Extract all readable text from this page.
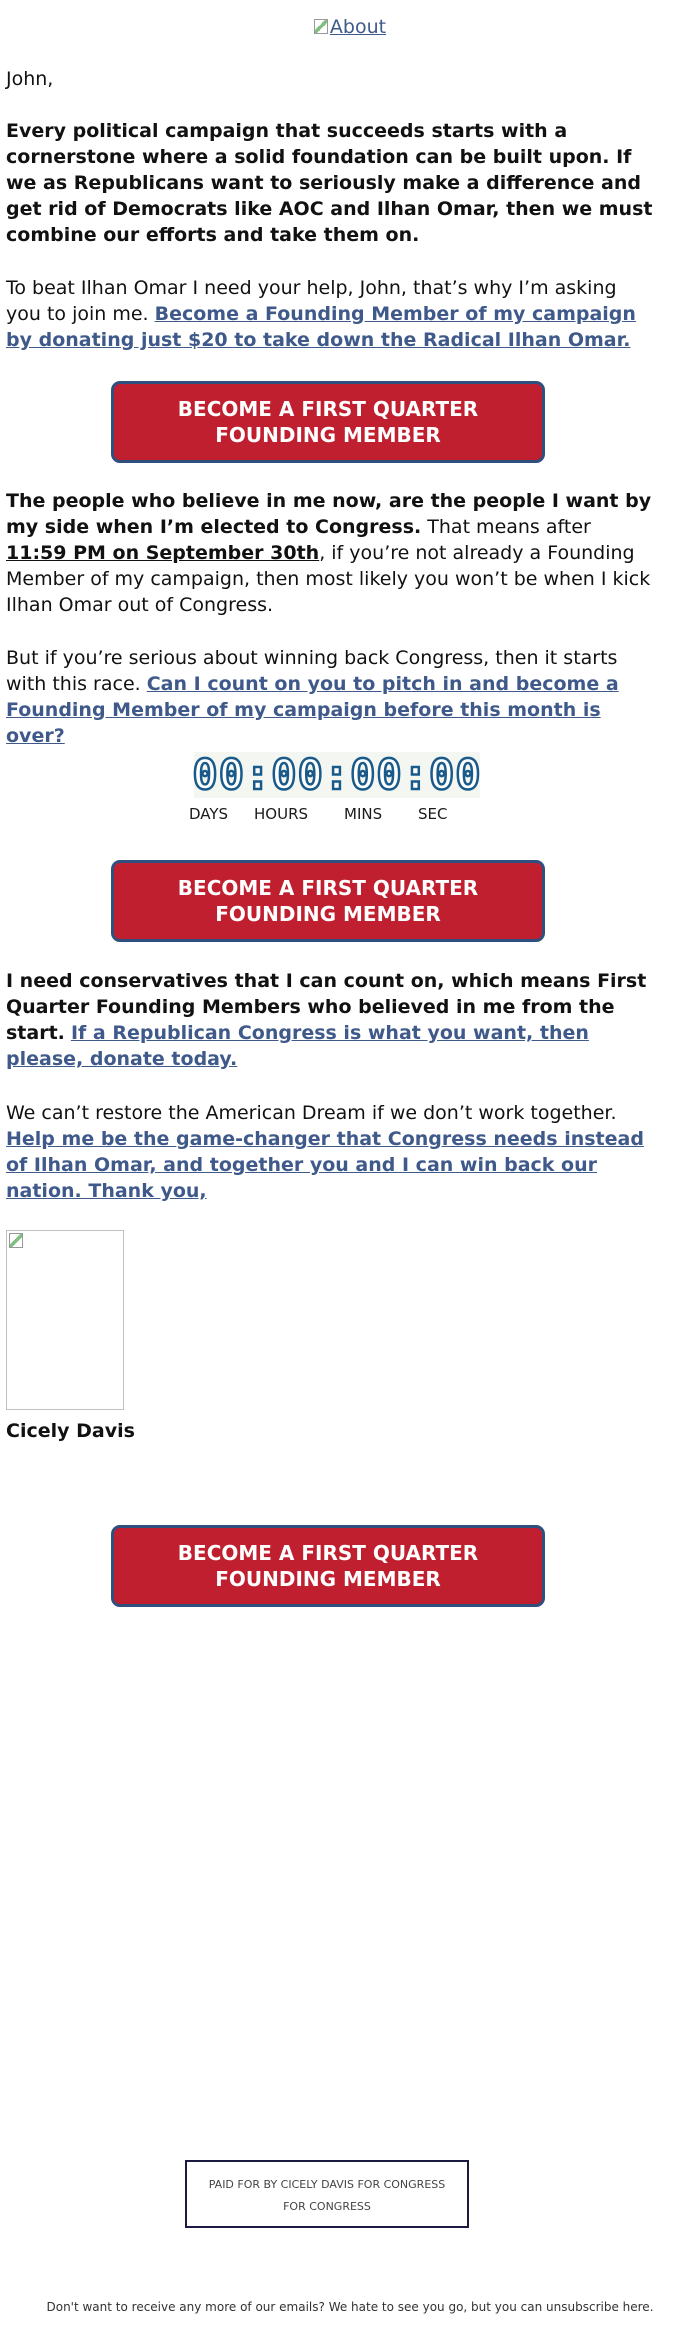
About

John,

Every political campaign that succeeds starts with a cornerstone where a solid foundation can be built upon. If we as Republicans want to seriously make a difference and get rid of Democrats like AOC and Ilhan Omar, then we must combine our efforts and take them on.

To beat Ilhan Omar I need your help, John, that’s why I’m asking you to join me. Become a Founding Member of my campaign by donating just $20 to take down the Radical Ilhan Omar.

BECOME A FIRST QUARTER FOUNDING MEMBER

The people who believe in me now, are the people I want by my side when I’m elected to Congress. That means after 11:59 PM on September 30th, if you’re not already a Founding Member of my campaign, then most likely you won’t be when I kick Ilhan Omar out of Congress.

But if you’re serious about winning back Congress, then it starts with this race. Can I count on you to pitch in and become a Founding Member of my campaign before this month is over?

00:00:00:00
DAYS HOURS MINS SEC
BECOME A FIRST QUARTER FOUNDING MEMBER

I need conservatives that I can count on, which means First Quarter Founding Members who believed in me from the start. If a Republican Congress is what you want, then please, donate today.

We can’t restore the American Dream if we don’t work together. Help me be the game-changer that Congress needs instead of Ilhan Omar, and together you and I can win back our nation. Thank you,

Cicely Davis
BECOME A FIRST QUARTER FOUNDING MEMBER
PAID FOR BY CICELY DAVIS FOR CONGRESS
FOR CONGRESS
Don't want to receive any more of our emails? We hate to see you go, but you can unsubscribe here.
